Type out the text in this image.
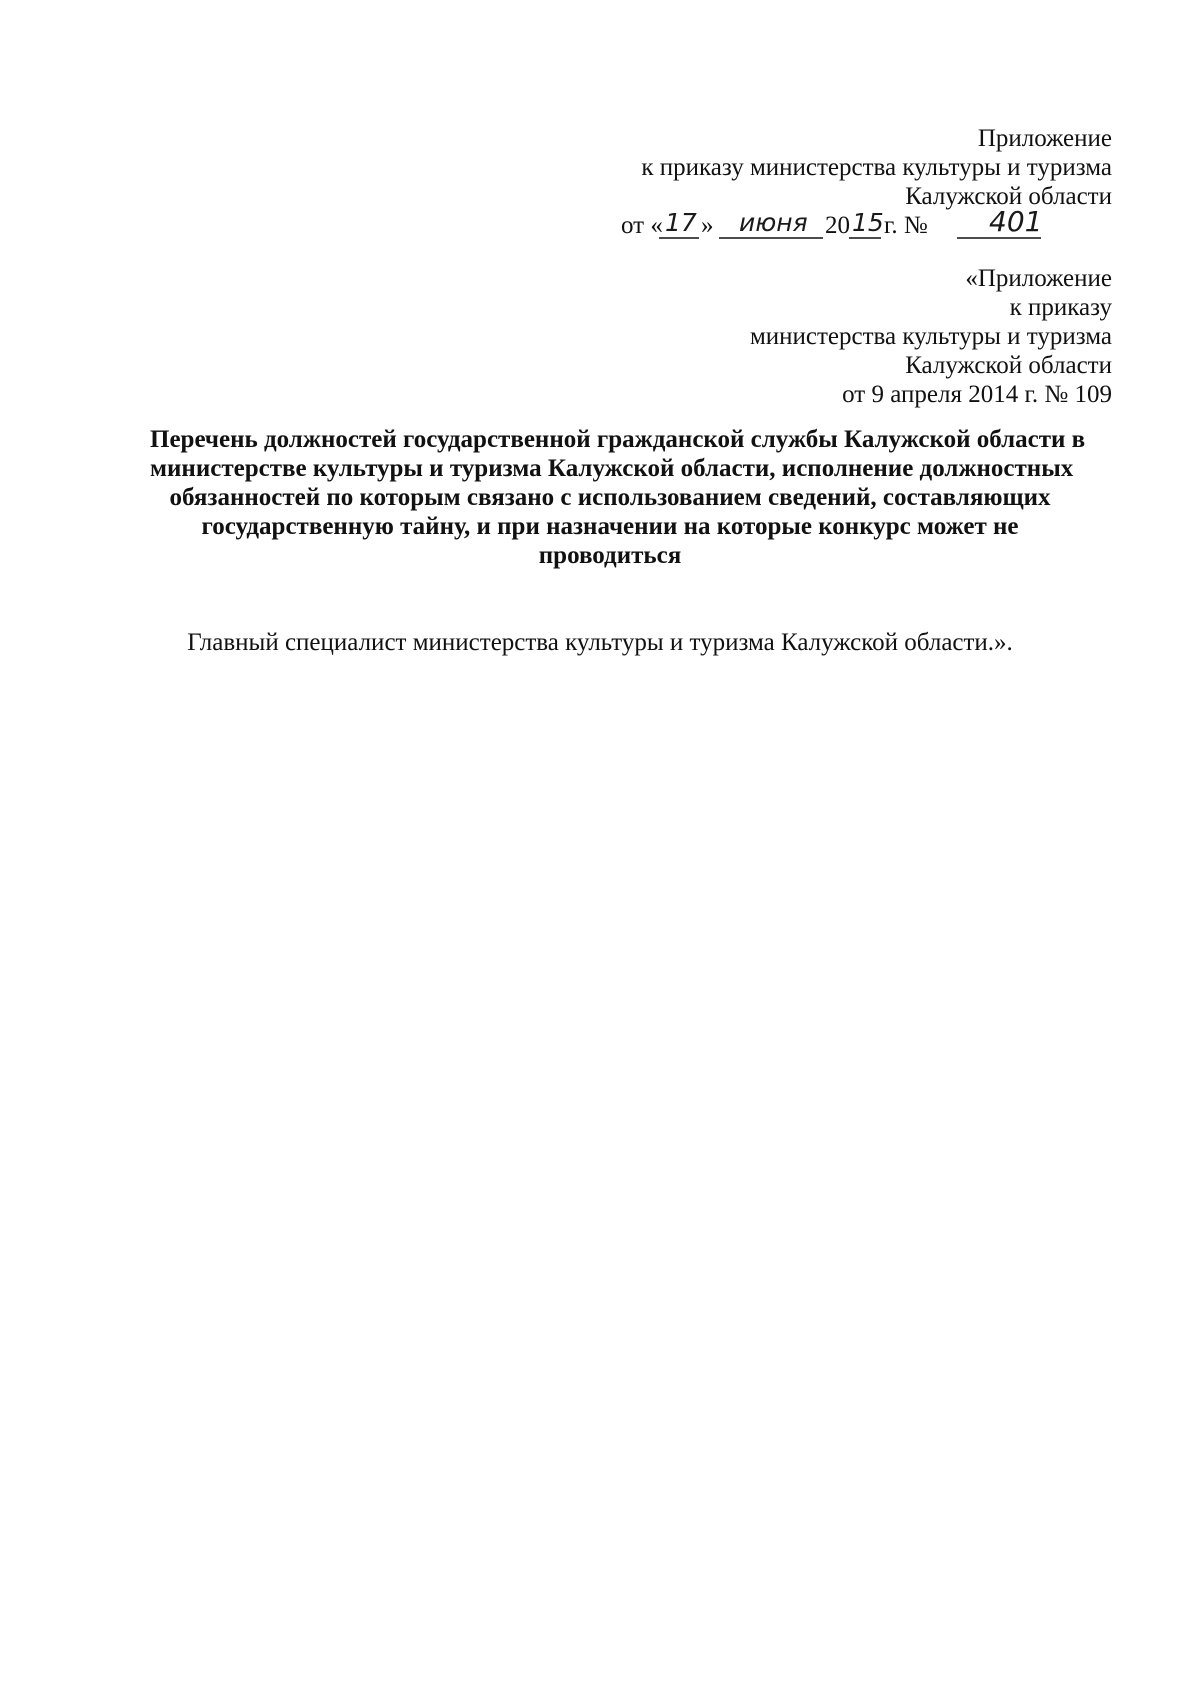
Приложение
к приказу министерства культуры и туризма
Калужской области
от « 17 » июня 20 15 г. № 401
«Приложение
к приказу
министерства культуры и туризма
Калужской области
от 9 апреля 2014 г. № 109
Перечень должностей государственной гражданской службы Калужской области в
министерстве культуры и туризма Калужской области, исполнение должностных
обязанностей по которым связано с использованием сведений, составляющих
государственную тайну, и при назначении на которые конкурс может не
проводиться
Главный специалист министерства культуры и туризма Калужской области.».
